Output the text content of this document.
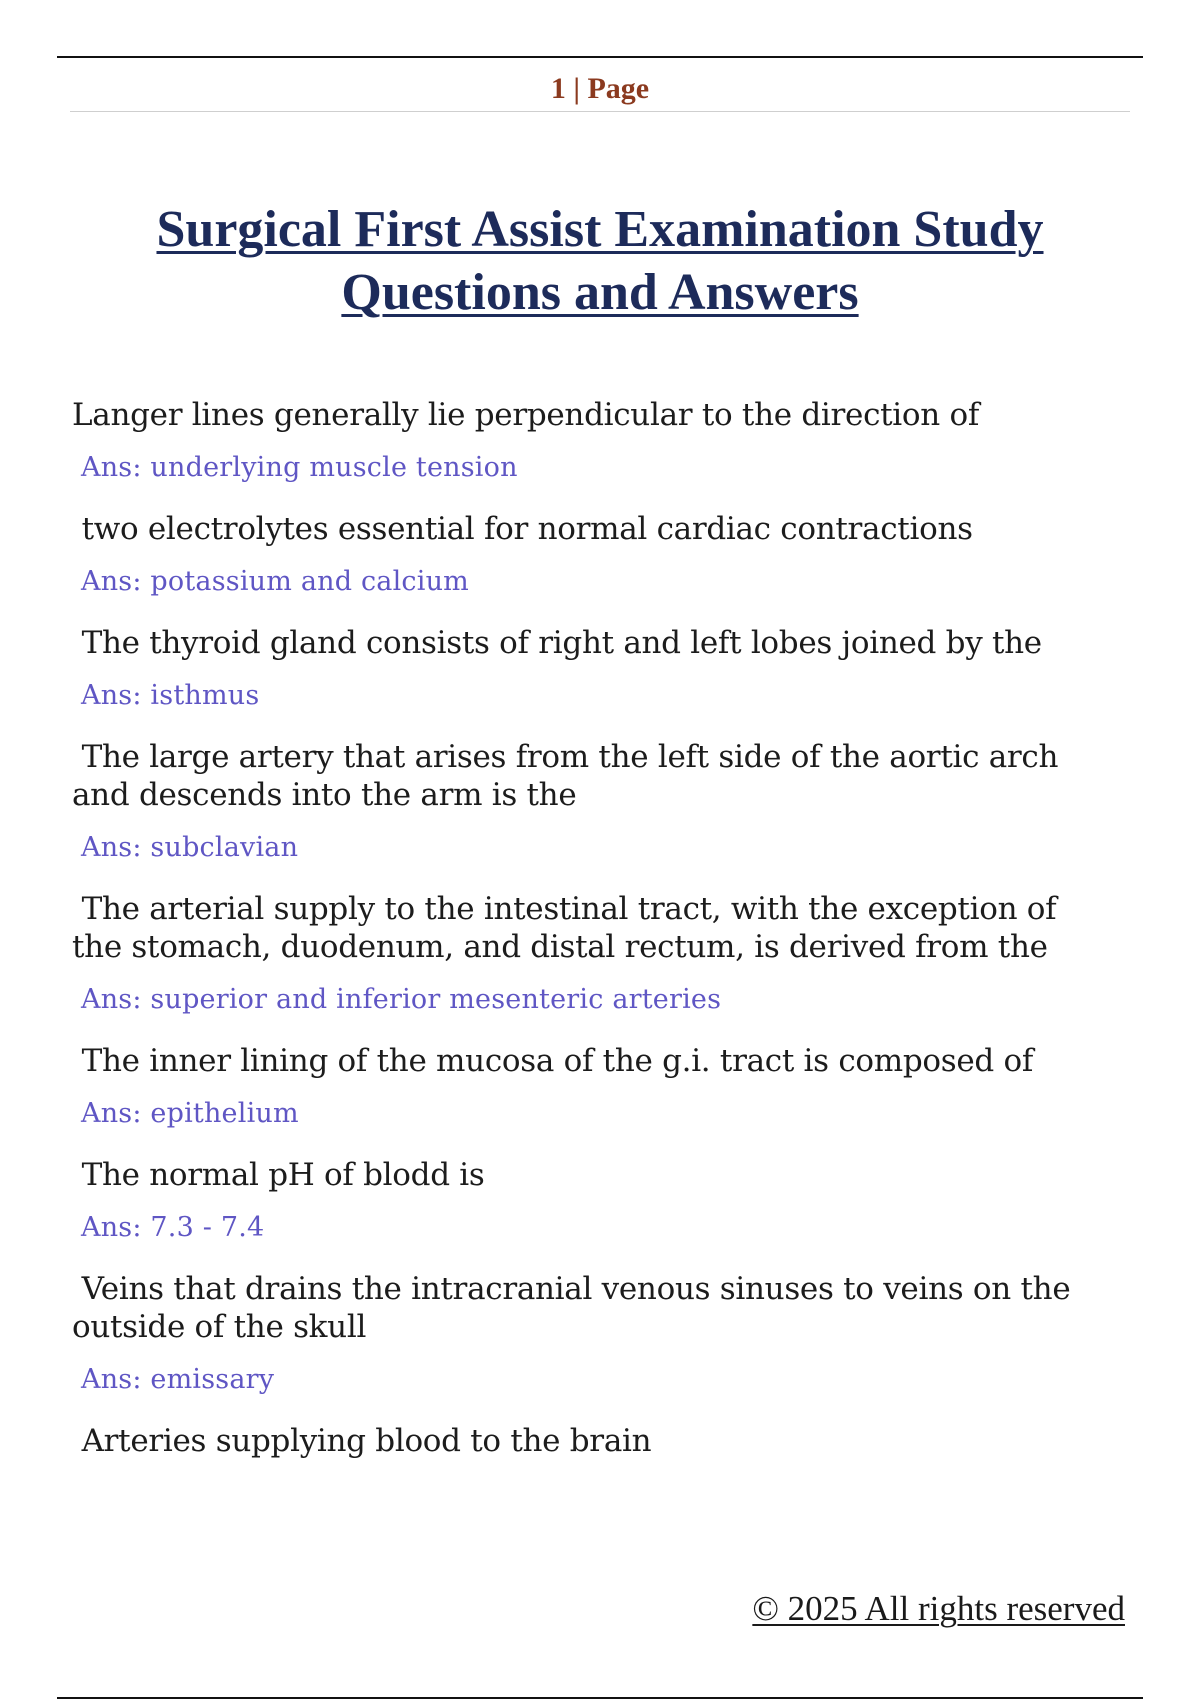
1 | Page
Surgical First Assist Examination Study Questions and Answers
Langer lines generally lie perpendicular to the direction of
Ans: underlying muscle tension
two electrolytes essential for normal cardiac contractions
Ans: potassium and calcium
The thyroid gland consists of right and left lobes joined by the
Ans: isthmus
The large artery that arises from the left side of the aortic arch
and descends into the arm is the
Ans: subclavian
The arterial supply to the intestinal tract, with the exception of
the stomach, duodenum, and distal rectum, is derived from the
Ans: superior and inferior mesenteric arteries
The inner lining of the mucosa of the g.i. tract is composed of
Ans: epithelium
The normal pH of blodd is
Ans: 7.3 - 7.4
Veins that drains the intracranial venous sinuses to veins on the
outside of the skull
Ans: emissary
Arteries supplying blood to the brain
© 2025 All rights reserved
